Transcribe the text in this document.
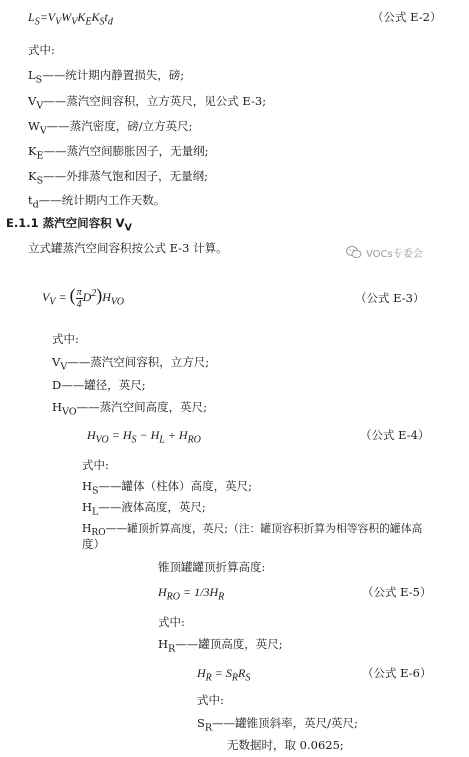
$L_S=V_VW_VK_EK_St_d$	（公式 E-2）
式中:
$L_S——$统计期内静置损失，磅;
$V_V——$蒸汽空间容积，立方英尺，见公式 E-3;
$W_V——$蒸汽密度，磅/立方英尺;
$K_E——$蒸汽空间膨胀因子，无量纲;
$K_S——$外排蒸气饱和因子，无量纲;
$t_d——$统计期内工作天数。
E.1.1 蒸汽空间容积 $V_V$
立式罐蒸汽空间容积按公式 E-3 计算。	VOCs专委会
$V_V$ = ( $\frac{\pi}{4} D^2)H_{VO}$	（公式 E-3）
式中:
$V_V——$蒸汽空间容积，立方尺;
D——罐径，英尺;
$H_{VO}——$蒸汽空间高度，英尺;
$H_{VO} = H_S - H_L + H_{RO}$	（公式 E-4）
式中:
$H_S——$罐体（柱体）高度，英尺;
$H_L——$液体高度，英尺;
$H_{RO}——$罐顶折算高度，英尺;（注：罐顶容积折算为相等容积的罐体高
度）
锥顶罐罐顶折算高度:
$H_{RO} = 1/3H_R$	（公式 E-5）
式中:
$H_R——$罐顶高度，英尺;
$H_R = S_RR_S$	（公式 E-6）
式中:
$S_R——$罐锥顶斜率，英尺/英尺;
无数据时，取 0.0625;
